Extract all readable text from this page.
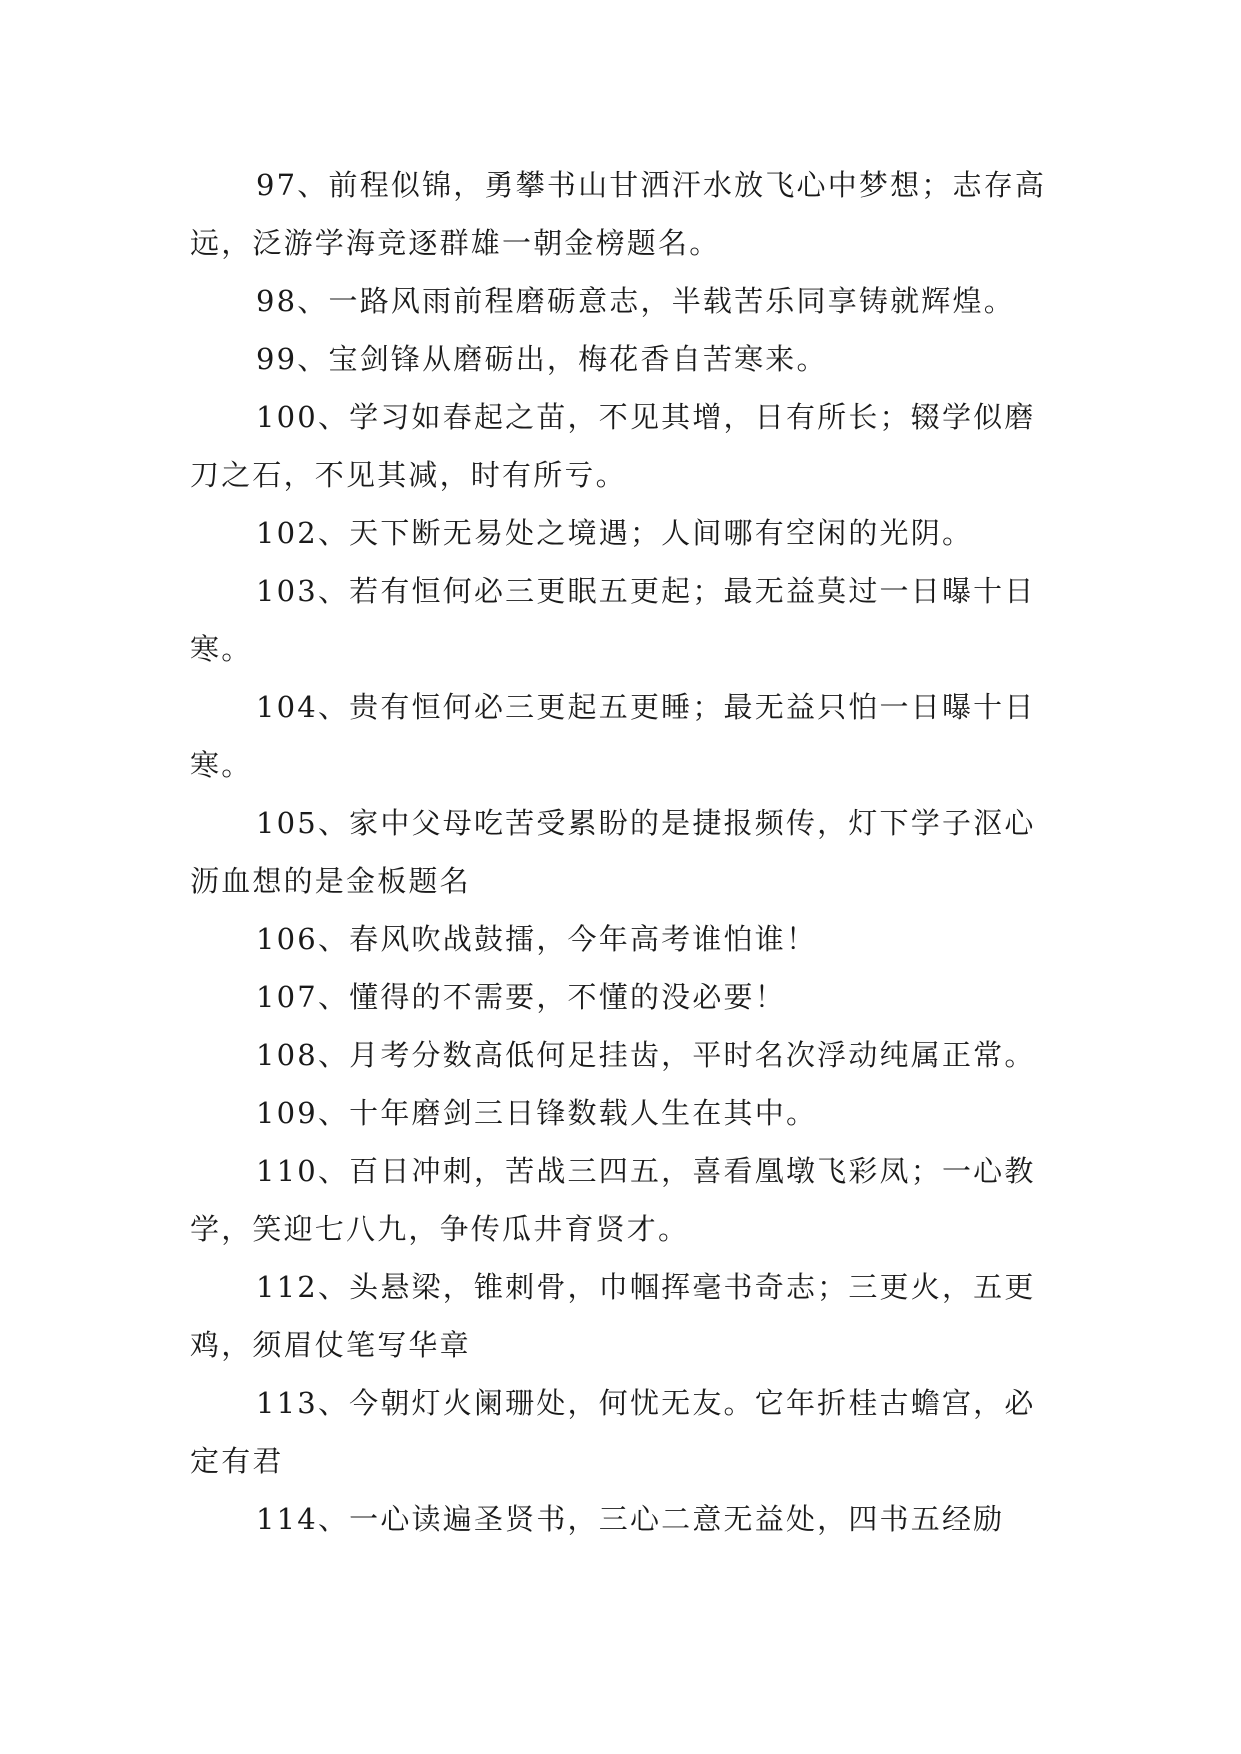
97、前程似锦，勇攀书山甘洒汗水放飞心中梦想；志存高远，泛游学海竞逐群雄一朝金榜题名。

98、一路风雨前程磨砺意志，半载苦乐同享铸就辉煌。

99、宝剑锋从磨砺出，梅花香自苦寒来。

100、学习如春起之苗，不见其增，日有所长；辍学似磨刀之石，不见其减，时有所亏。

102、天下断无易处之境遇；人间哪有空闲的光阴。

103、若有恒何必三更眠五更起；最无益莫过一日曝十日寒。

104、贵有恒何必三更起五更睡；最无益只怕一日曝十日寒。

105、家中父母吃苦受累盼的是捷报频传，灯下学子沤心沥血想的是金板题名

106、春风吹战鼓擂，今年高考谁怕谁！

107、懂得的不需要，不懂的没必要！

108、月考分数高低何足挂齿，平时名次浮动纯属正常。

109、十年磨剑三日锋数载人生在其中。

110、百日冲刺，苦战三四五，喜看凰墩飞彩凤；一心教学，笑迎七八九，争传瓜井育贤才。

112、头悬梁，锥刺骨，巾帼挥毫书奇志；三更火，五更鸡，须眉仗笔写华章

113、今朝灯火阑珊处，何忧无友。它年折桂古蟾宫，必定有君

114、一心读遍圣贤书，三心二意无益处，四书五经励
